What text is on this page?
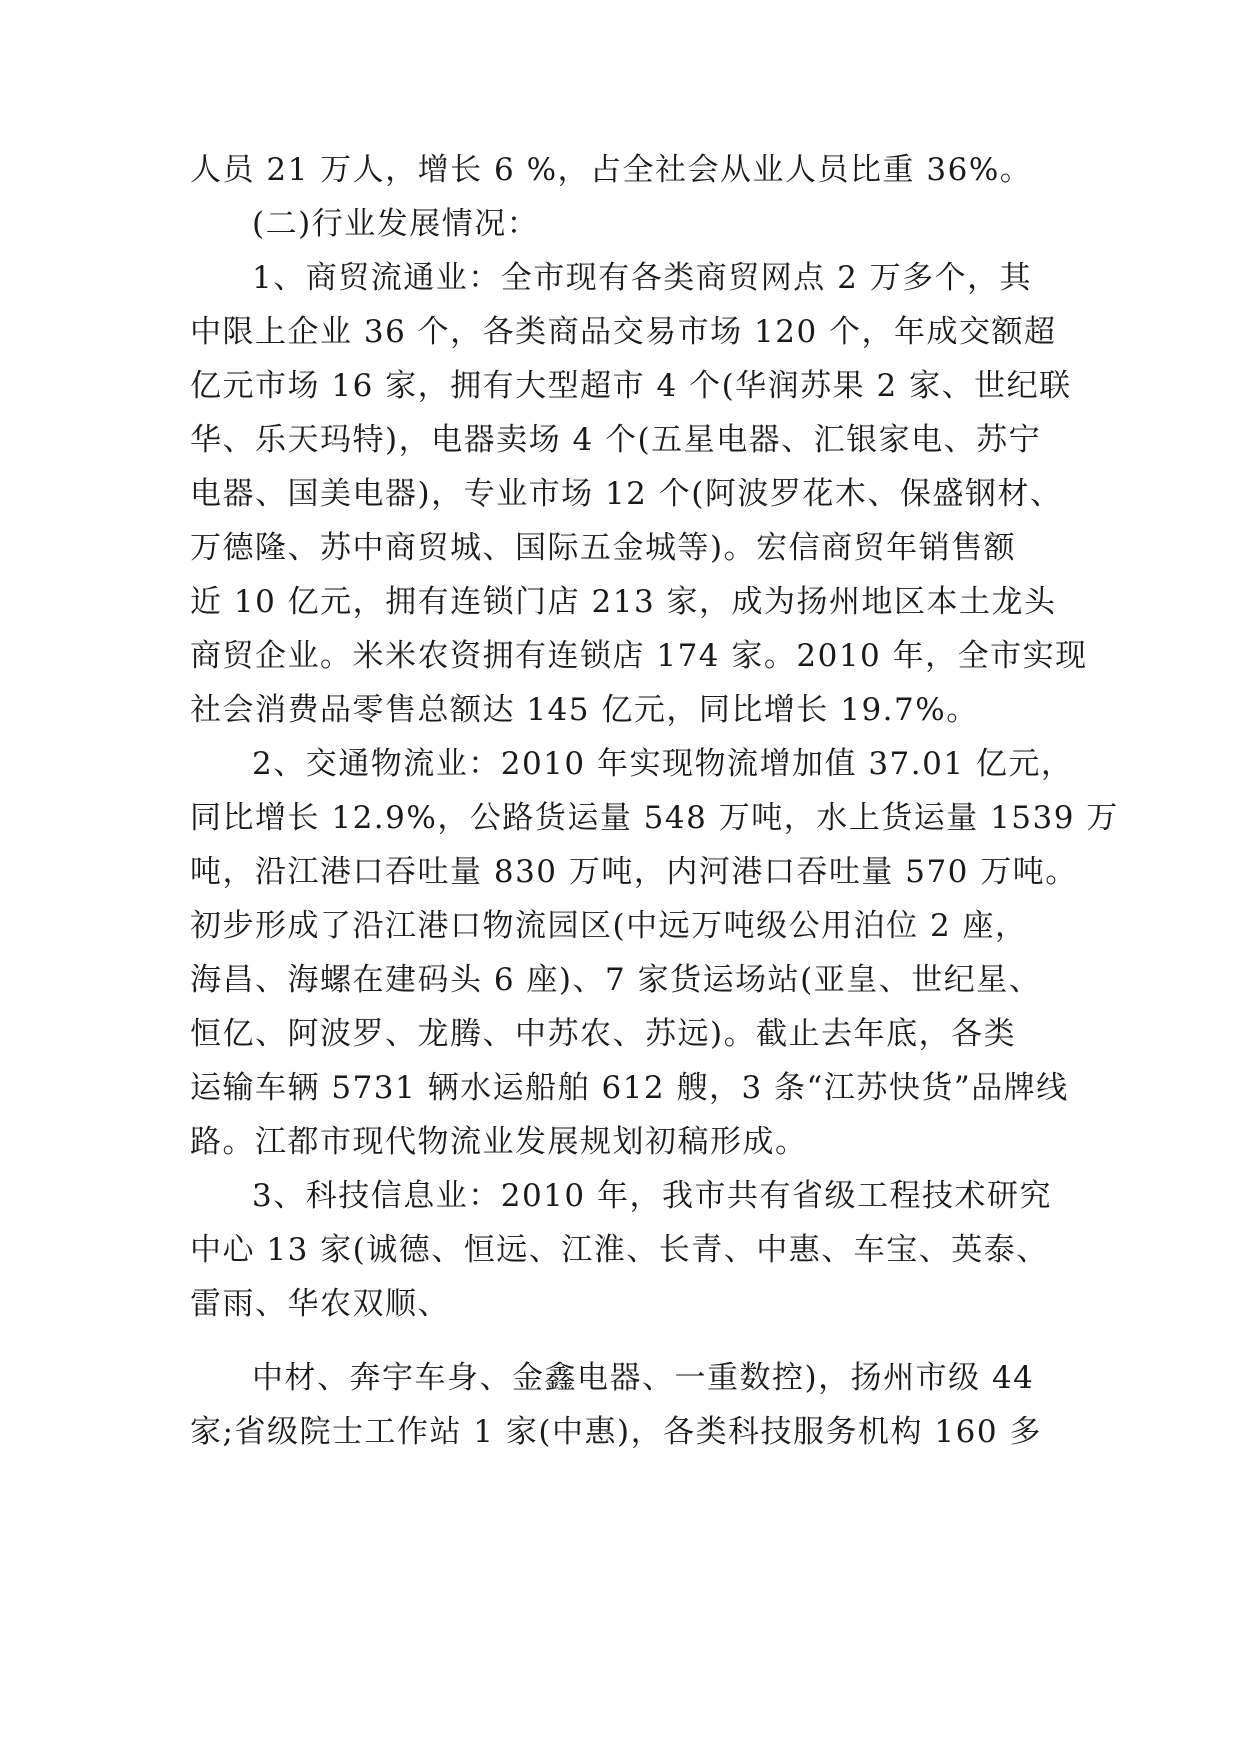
人员 21 万人，增长 6 %，占全社会从业人员比重 36%。
(二)行业发展情况：
1、商贸流通业：全市现有各类商贸网点 2 万多个，其
中限上企业 36 个，各类商品交易市场 120 个，年成交额超
亿元市场 16 家，拥有大型超市 4 个(华润苏果 2 家、世纪联
华、乐天玛特)，电器卖场 4 个(五星电器、汇银家电、苏宁
电器、国美电器)，专业市场 12 个(阿波罗花木、保盛钢材、
万德隆、苏中商贸城、国际五金城等)。宏信商贸年销售额
近 10 亿元，拥有连锁门店 213 家，成为扬州地区本土龙头
商贸企业。米米农资拥有连锁店 174 家。2010 年，全市实现
社会消费品零售总额达 145 亿元，同比增长 19.7%。
2、交通物流业：2010 年实现物流增加值 37.01 亿元，
同比增长 12.9%，公路货运量 548 万吨，水上货运量 1539 万
吨，沿江港口吞吐量 830 万吨，内河港口吞吐量 570 万吨。
初步形成了沿江港口物流园区(中远万吨级公用泊位 2 座，
海昌、海螺在建码头 6 座)、7 家货运场站(亚皇、世纪星、
恒亿、阿波罗、龙腾、中苏农、苏远)。截止去年底，各类
运输车辆 5731 辆水运船舶 612 艘，3 条“江苏快货”品牌线
路。江都市现代物流业发展规划初稿形成。
3、科技信息业：2010 年，我市共有省级工程技术研究
中心 13 家(诚德、恒远、江淮、长青、中惠、车宝、英泰、
雷雨、华农双顺、
中材、奔宇车身、金鑫电器、一重数控)，扬州市级 44
家;省级院士工作站 1 家(中惠)，各类科技服务机构 160 多
